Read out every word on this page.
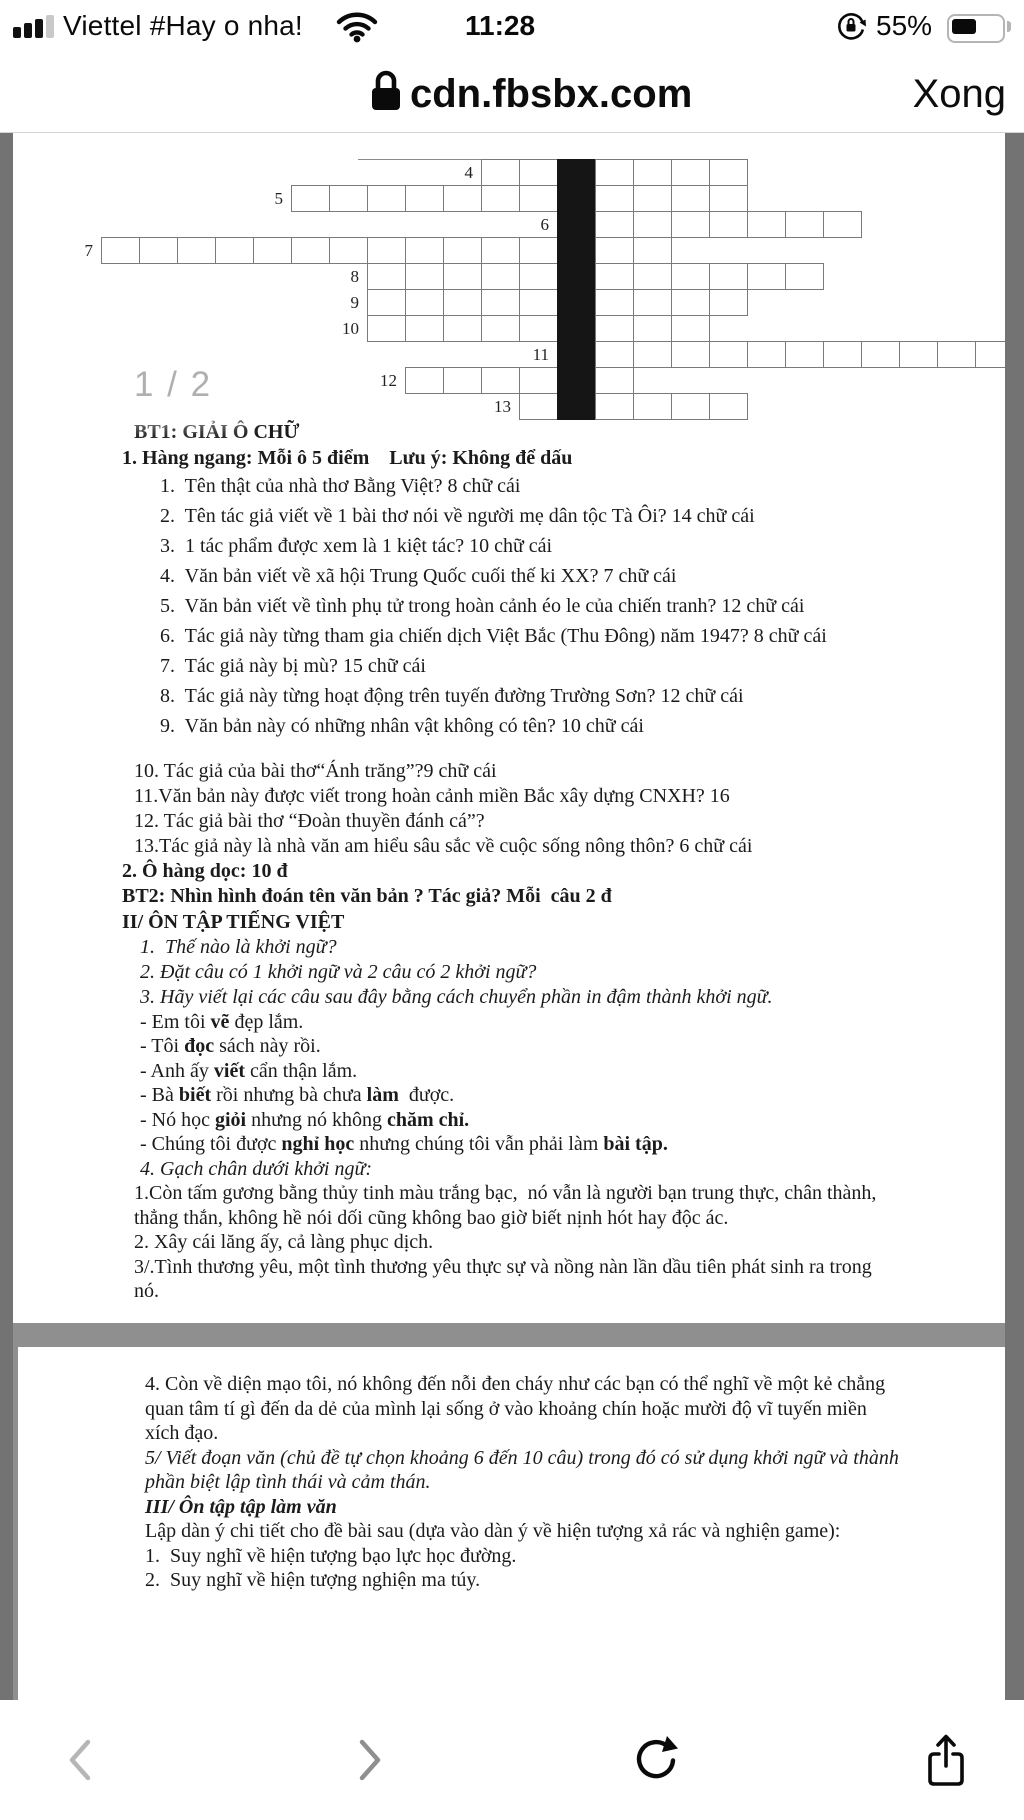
Viettel #Hay o nha!	11:28	55%
cdn.fbsbx.com	Xong
4
5
6
7
8
9
10
11
12
13
BT1: GIẢI Ô CHỮ
1. Hàng ngang: Mỗi ô 5 điểm    Lưu ý: Không để dấu
1.  Tên thật của nhà thơ Bằng Việt? 8 chữ cái
2.  Tên tác giả viết về 1 bài thơ nói về người mẹ dân tộc Tà Ôi? 14 chữ cái
3.  1 tác phẩm được xem là 1 kiệt tác? 10 chữ cái
4.  Văn bản viết về xã hội Trung Quốc cuối thế ki XX? 7 chữ cái
5.  Văn bản viết về tình phụ tử trong hoàn cảnh éo le của chiến tranh? 12 chữ cái
6.  Tác giả này từng tham gia chiến dịch Việt Bắc (Thu Đông) năm 1947? 8 chữ cái
7.  Tác giả này bị mù? 15 chữ cái
8.  Tác giả này từng hoạt động trên tuyến đường Trường Sơn? 12 chữ cái
9.  Văn bản này có những nhân vật không có tên? 10 chữ cái
10. Tác giả của bài thơ“Ánh trăng”?9 chữ cái
11.Văn bản này được viết trong hoàn cảnh miền Bắc xây dựng CNXH? 16
12. Tác giả bài thơ “Đoàn thuyền đánh cá”?
13.Tác giả này là nhà văn am hiểu sâu sắc về cuộc sống nông thôn? 6 chữ cái
2. Ô hàng dọc: 10 đ
BT2: Nhìn hình đoán tên văn bản ? Tác giả? Mỗi  câu 2 đ
II/ ÔN TẬP TIẾNG VIỆT
1.  Thế nào là khởi ngữ?
2. Đặt câu có 1 khởi ngữ và 2 câu có 2 khởi ngữ?
3. Hãy viết lại các câu sau đây bằng cách chuyển phần in đậm thành khởi ngữ.
- Em tôi vẽ đẹp lắm.
- Tôi đọc sách này rồi.
- Anh ấy viết cẩn thận lắm.
- Bà biết rồi nhưng bà chưa làm  được.
- Nó học giỏi nhưng nó không chăm chỉ.
- Chúng tôi được nghỉ học nhưng chúng tôi vẫn phải làm bài tập.
4. Gạch chân dưới khởi ngữ:
1.Còn tấm gương bằng thủy tinh màu trắng bạc,  nó vẫn là người bạn trung thực, chân thành,
thẳng thắn, không hề nói dối cũng không bao giờ biết nịnh hót hay độc ác.
2. Xây cái lăng ấy, cả làng phục dịch.
3/.Tình thương yêu, một tình thương yêu thực sự và nồng nàn lần dầu tiên phát sinh ra trong
nó.
1 / 2
4. Còn về diện mạo tôi, nó không đến nỗi đen cháy như các bạn có thể nghĩ về một kẻ chẳng
quan tâm tí gì đến da dẻ của mình lại sống ở vào khoảng chín hoặc mười độ vĩ tuyến miền
xích đạo.
5/ Viết đoạn văn (chủ đề tự chọn khoảng 6 đến 10 câu) trong đó có sử dụng khởi ngữ và thành
phần biệt lập tình thái và cảm thán.
III/ Ôn tập tập làm văn
Lập dàn ý chi tiết cho đề bài sau (dựa vào dàn ý về hiện tượng xả rác và nghiện game):
1.  Suy nghĩ về hiện tượng bạo lực học đường.
2.  Suy nghĩ về hiện tượng nghiện ma túy.
